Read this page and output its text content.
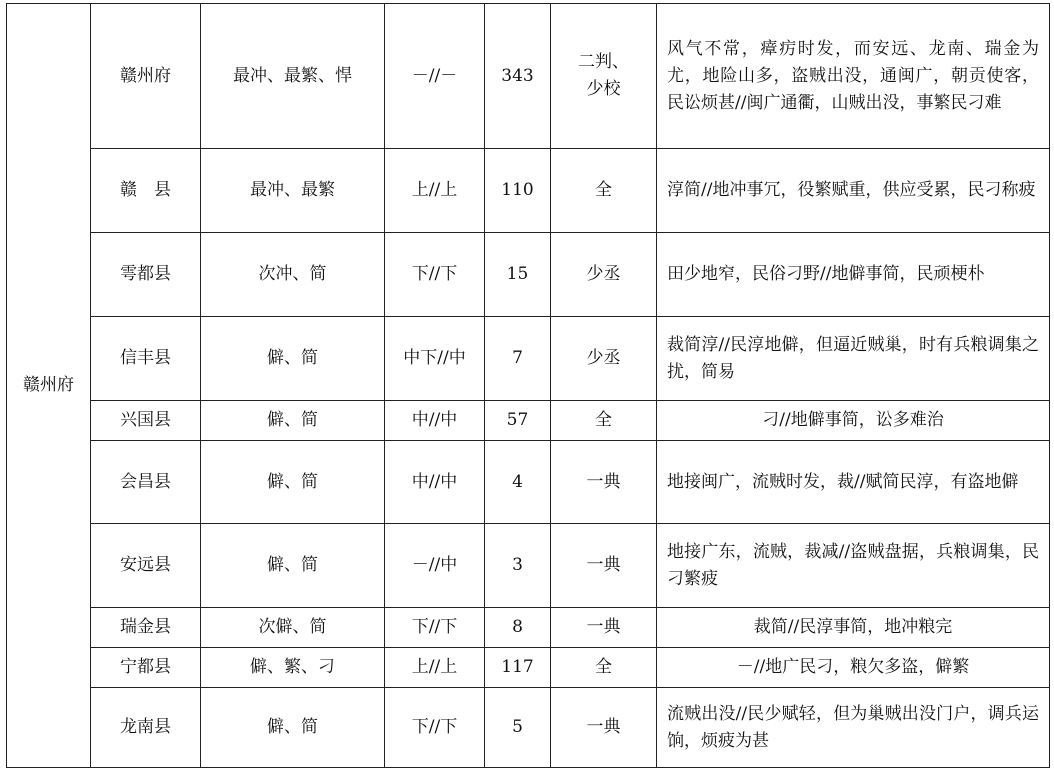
赣州府	赣州府	最冲、最繁、悍	－//－	343	二判、
少校	风气不常，瘴疠时发，而安远、龙南、瑞金为尤，地险山多，盗贼出没，通闽广，朝贡使客，民讼烦甚//闽广通衢，山贼出没，事繁民刁难
	赣　县	最冲、最繁	上//上	110	全	淳简//地冲事冗，役繁赋重，供应受累，民刁称疲
	雩都县	次冲、简	下//下	15	少丞	田少地窄，民俗刁野//地僻事简，民顽梗朴
	信丰县	僻、简	中下//中	7	少丞	裁简淳//民淳地僻，但逼近贼巢，时有兵粮调集之扰，简易
	兴国县	僻、简	中//中	57	全	刁//地僻事简，讼多难治
	会昌县	僻、简	中//中	4	一典	地接闽广，流贼时发，裁//赋简民淳，有盗地僻
	安远县	僻、简	－//中	3	一典	地接广东，流贼，裁减//盗贼盘据，兵粮调集，民刁繁疲
	瑞金县	次僻、简	下//下	8	一典	裁简//民淳事简，地冲粮完
	宁都县	僻、繁、刁	上//上	117	全	－//地广民刁，粮欠多盗，僻繁
	龙南县	僻、简	下//下	5	一典	流贼出没//民少赋轻，但为巢贼出没门户，调兵运饷，烦疲为甚
